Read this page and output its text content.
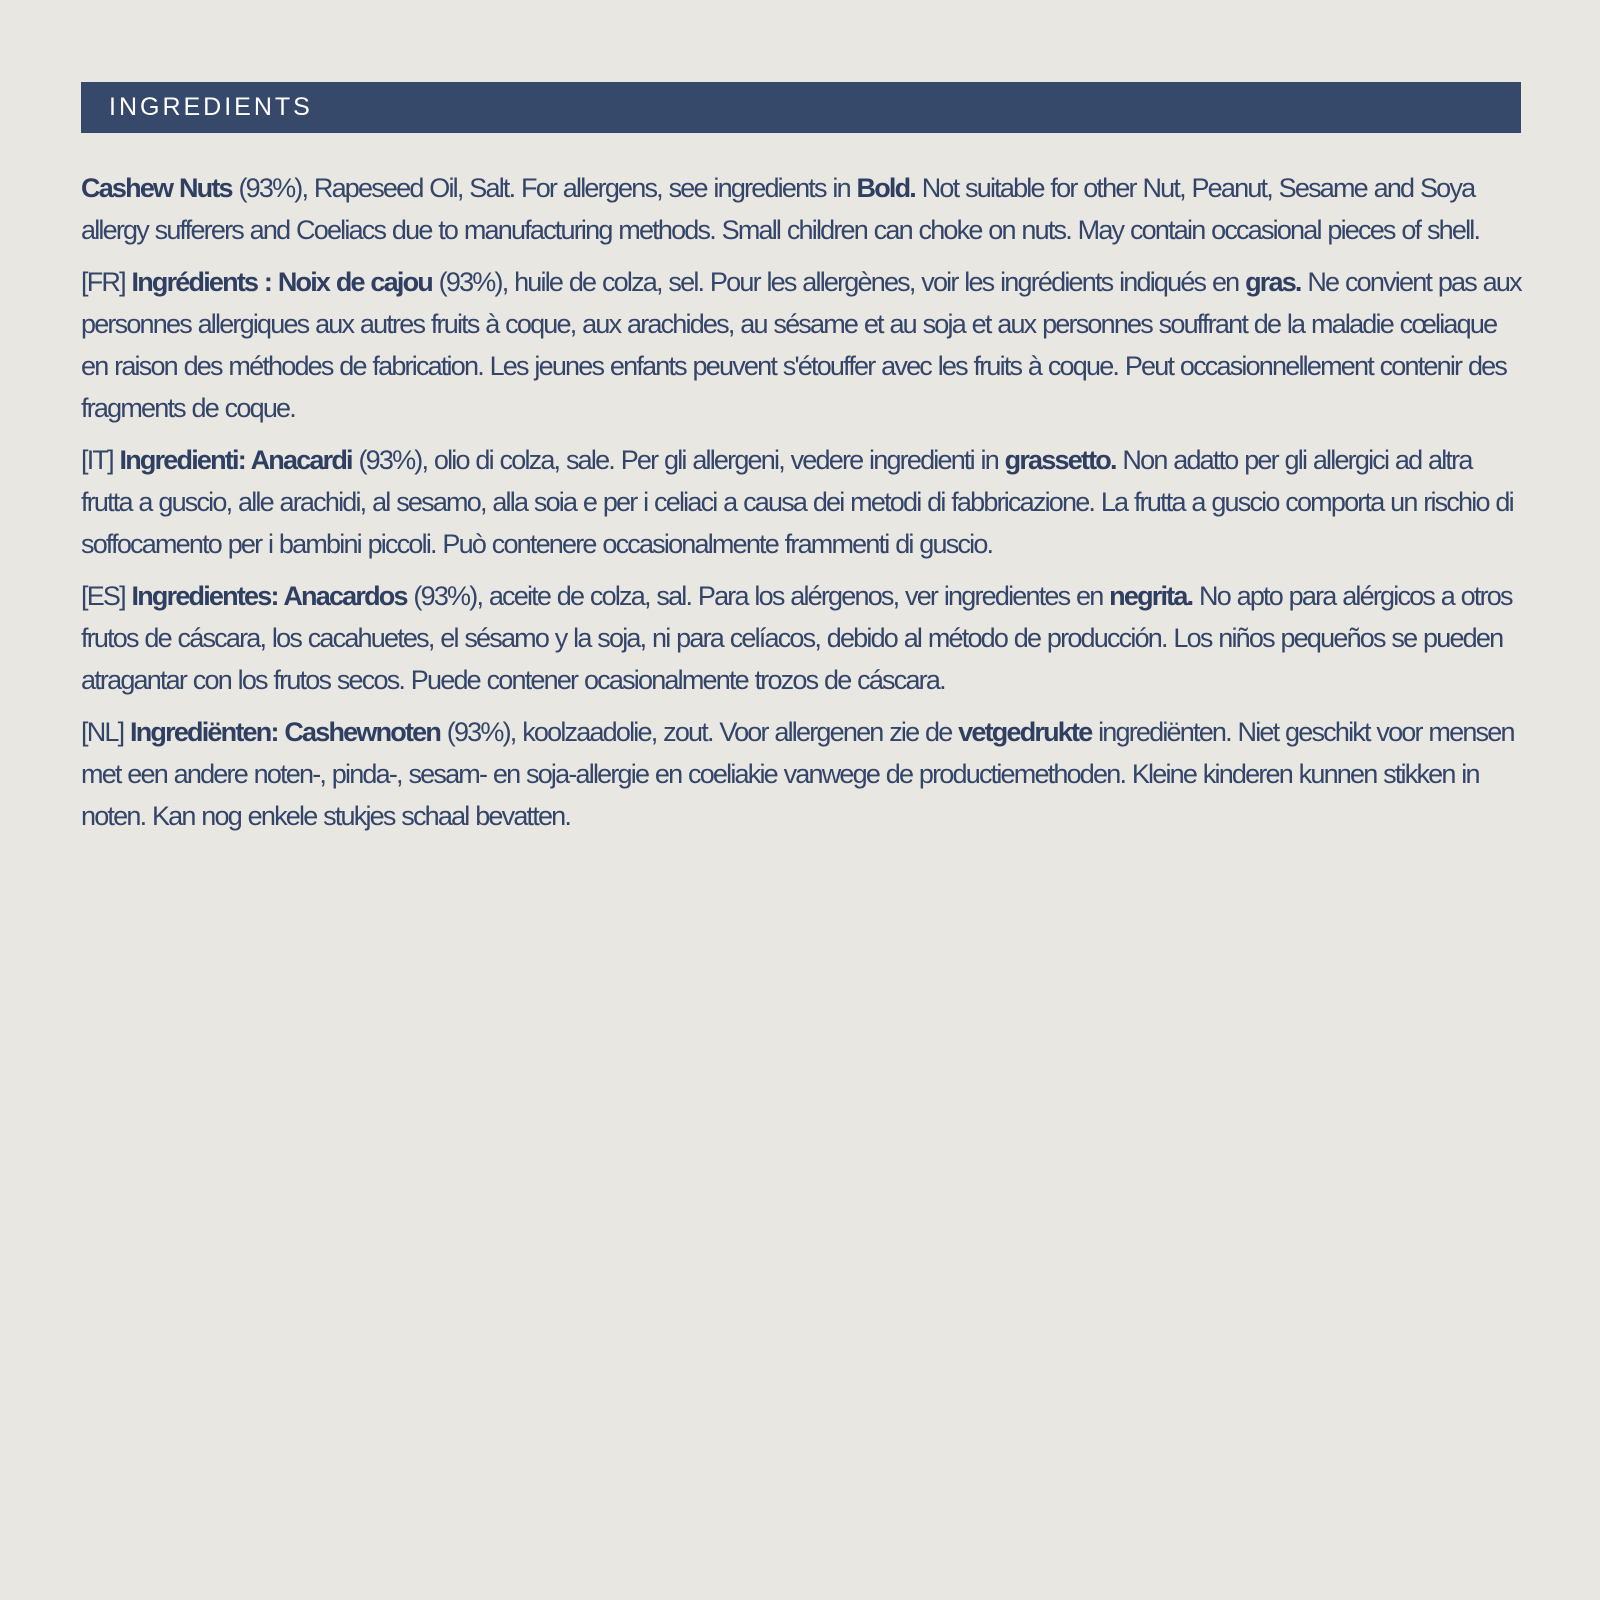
INGREDIENTS

Cashew Nuts (93%), Rapeseed Oil, Salt. For allergens, see ingredients in Bold. Not suitable for other Nut, Peanut, Sesame and Soya allergy sufferers and Coeliacs due to manufacturing methods. Small children can choke on nuts. May contain occasional pieces of shell.

[FR] Ingrédients : Noix de cajou (93%), huile de colza, sel. Pour les allergènes, voir les ingrédients indiqués en gras. Ne convient pas aux personnes allergiques aux autres fruits à coque, aux arachides, au sésame et au soja et aux personnes souffrant de la maladie cœliaque en raison des méthodes de fabrication. Les jeunes enfants peuvent s'étouffer avec les fruits à coque. Peut occasionnellement contenir des fragments de coque.

[IT] Ingredienti: Anacardi (93%), olio di colza, sale. Per gli allergeni, vedere ingredienti in grassetto. Non adatto per gli allergici ad altra frutta a guscio, alle arachidi, al sesamo, alla soia e per i celiaci a causa dei metodi di fabbricazione. La frutta a guscio comporta un rischio di soffocamento per i bambini piccoli. Può contenere occasionalmente frammenti di guscio.

[ES] Ingredientes: Anacardos (93%), aceite de colza, sal. Para los alérgenos, ver ingredientes en negrita. No apto para alérgicos a otros frutos de cáscara, los cacahuetes, el sésamo y la soja, ni para celíacos, debido al método de producción. Los niños pequeños se pueden atragantar con los frutos secos. Puede contener ocasionalmente trozos de cáscara.

[NL] Ingrediënten: Cashewnoten (93%), koolzaadolie, zout. Voor allergenen zie de vetgedrukte ingrediënten. Niet geschikt voor mensen met een andere noten-, pinda-, sesam- en soja-allergie en coeliakie vanwege de productiemethoden. Kleine kinderen kunnen stikken in noten. Kan nog enkele stukjes schaal bevatten.
